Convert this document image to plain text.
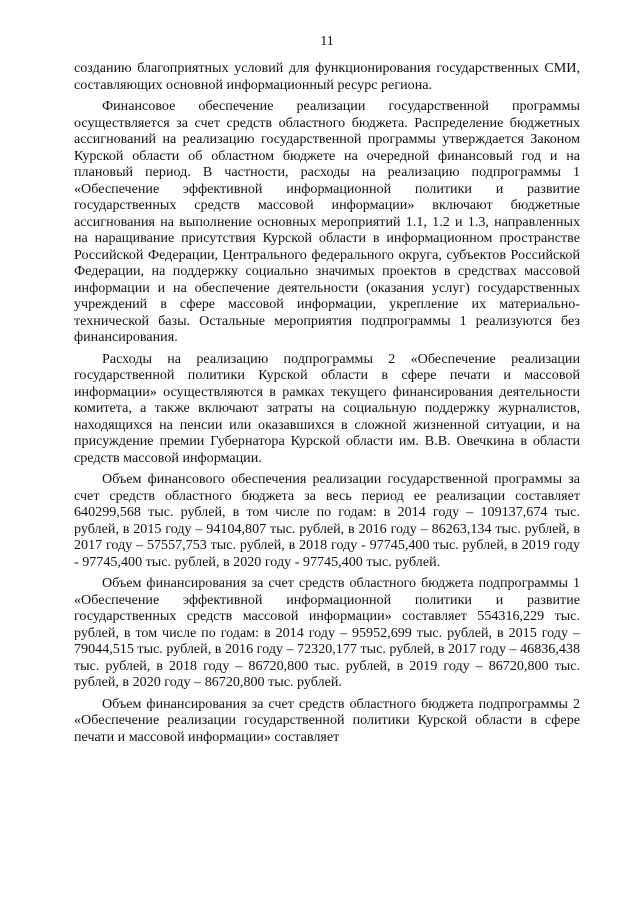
11

созданию благоприятных условий для функционирования государственных СМИ, составляющих основной информационный ресурс региона.

Финансовое обеспечение реализации государственной программы осуществляется за счет средств областного бюджета. Распределение бюджетных ассигнований на реализацию государственной программы утверждается Законом Курской области об областном бюджете на очередной финансовый год и на плановый период. В частности, расходы на реализацию подпрограммы 1 «Обеспечение эффективной информационной политики и развитие государственных средств массовой информации» включают бюджетные ассигнования на выполнение основных мероприятий 1.1, 1.2 и 1.3, направленных на наращивание присутствия Курской области в информационном пространстве Российской Федерации, Центрального федерального округа, субъектов Российской Федерации, на поддержку социально значимых проектов в средствах массовой информации и на обеспечение деятельности (оказания услуг) государственных учреждений в сфере массовой информации, укрепление их материально-технической базы. Остальные мероприятия подпрограммы 1 реализуются без финансирования.

Расходы на реализацию подпрограммы 2 «Обеспечение реализации государственной политики Курской области в сфере печати и массовой информации» осуществляются в рамках текущего финансирования деятельности комитета, а также включают затраты на социальную поддержку журналистов, находящихся на пенсии или оказавшихся в сложной жизненной ситуации, и на присуждение премии Губернатора Курской области им. В.В. Овечкина в области средств массовой информации.

Объем финансового обеспечения реализации государственной программы за счет средств областного бюджета за весь период ее реализации составляет 640299,568 тыс. рублей, в том числе по годам: в 2014 году – 109137,674 тыс. рублей, в 2015 году – 94104,807 тыс. рублей, в 2016 году – 86263,134 тыс. рублей, в 2017 году – 57557,753 тыс. рублей, в 2018 году - 97745,400 тыс. рублей, в 2019 году - 97745,400 тыс. рублей, в 2020 году - 97745,400 тыс. рублей.

Объем финансирования за счет средств областного бюджета подпрограммы 1 «Обеспечение эффективной информационной политики и развитие государственных средств массовой информации» составляет 554316,229 тыс. рублей, в том числе по годам: в 2014 году – 95952,699 тыс. рублей, в 2015 году – 79044,515 тыс. рублей, в 2016 году – 72320,177 тыс. рублей, в 2017 году – 46836,438 тыс. рублей, в 2018 году – 86720,800 тыс. рублей, в 2019 году – 86720,800 тыс. рублей, в 2020 году – 86720,800 тыс. рублей.

Объем финансирования за счет средств областного бюджета подпрограммы 2 «Обеспечение реализации государственной политики Курской области в сфере печати и массовой информации» составляет
